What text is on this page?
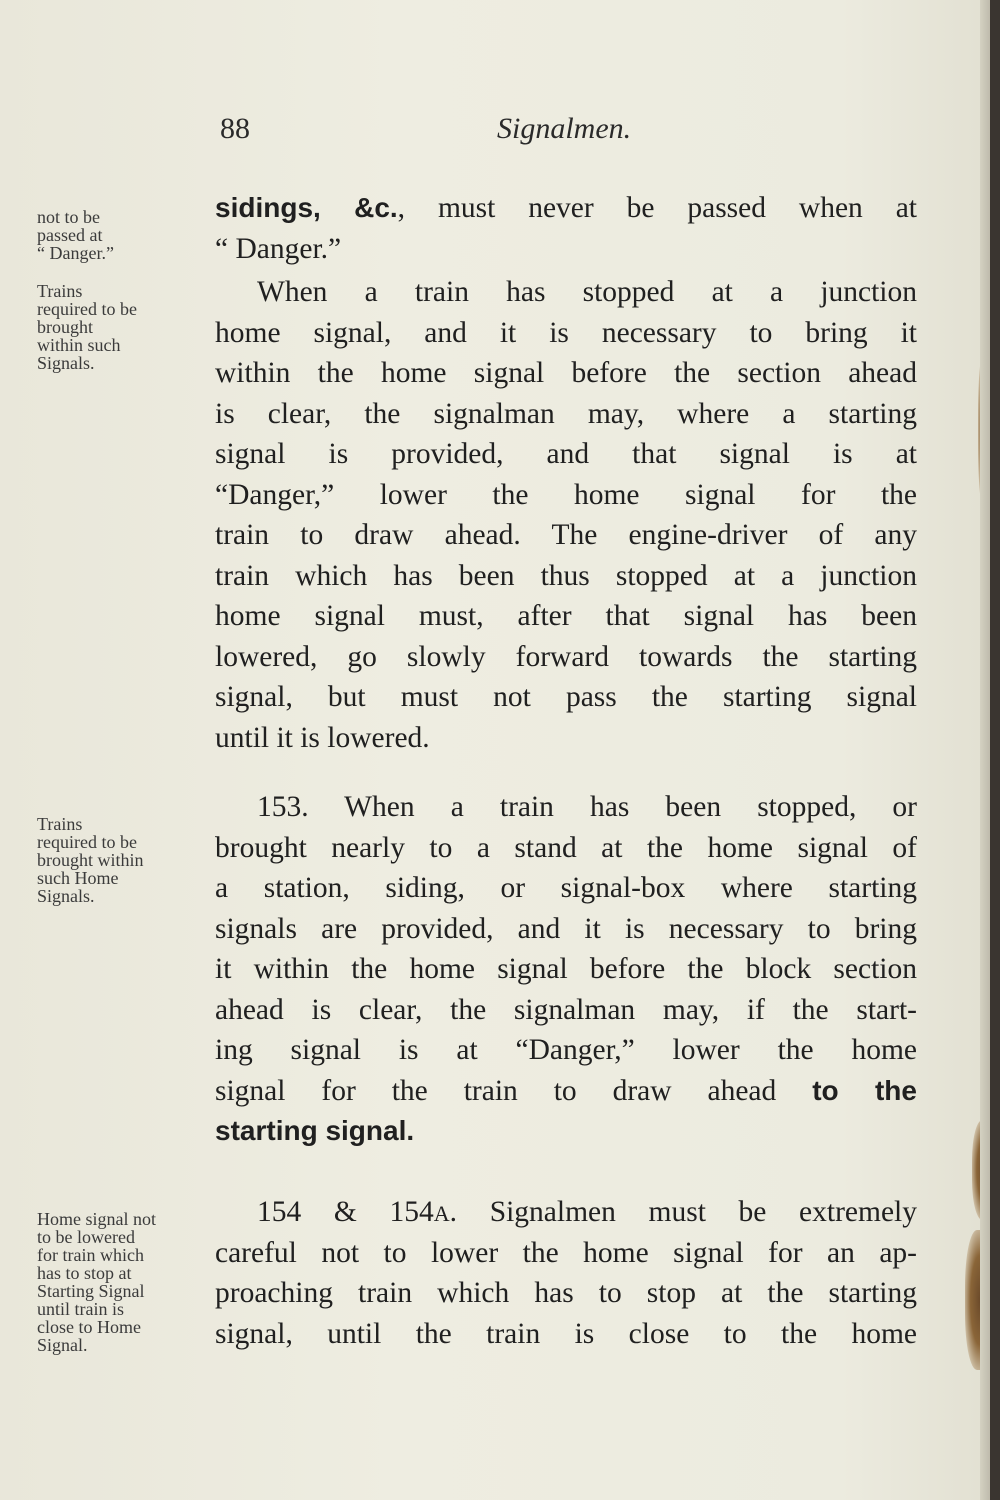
88	Signalmen.
not to be
passed at
“ Danger.”
Trains
required to be
brought
within such
Signals.
Trains
required to be
brought within
such Home
Signals.
Home signal not
to be lowered
for train which
has to stop at
Starting Signal
until train is
close to Home
Signal.
sidings, &c., must never be passed when at
“ Danger.”
When a train has stopped at a junction
home signal, and it is necessary to bring it
within the home signal before the section ahead
is clear, the signalman may, where a starting
signal is provided, and that signal is at
“Danger,” lower the home signal for the
train to draw ahead. The engine-driver of any
train which has been thus stopped at a junction
home signal must, after that signal has been
lowered, go slowly forward towards the starting
signal, but must not pass the starting signal
until it is lowered.
153. When a train has been stopped, or
brought nearly to a stand at the home signal of
a station, siding, or signal-box where starting
signals are provided, and it is necessary to bring
it within the home signal before the block section
ahead is clear, the signalman may, if the start-
ing signal is at “Danger,” lower the home
signal for the train to draw ahead to the
starting signal.
154 & 154A. Signalmen must be extremely
careful not to lower the home signal for an ap-
proaching train which has to stop at the starting
signal, until the train is close to the home
